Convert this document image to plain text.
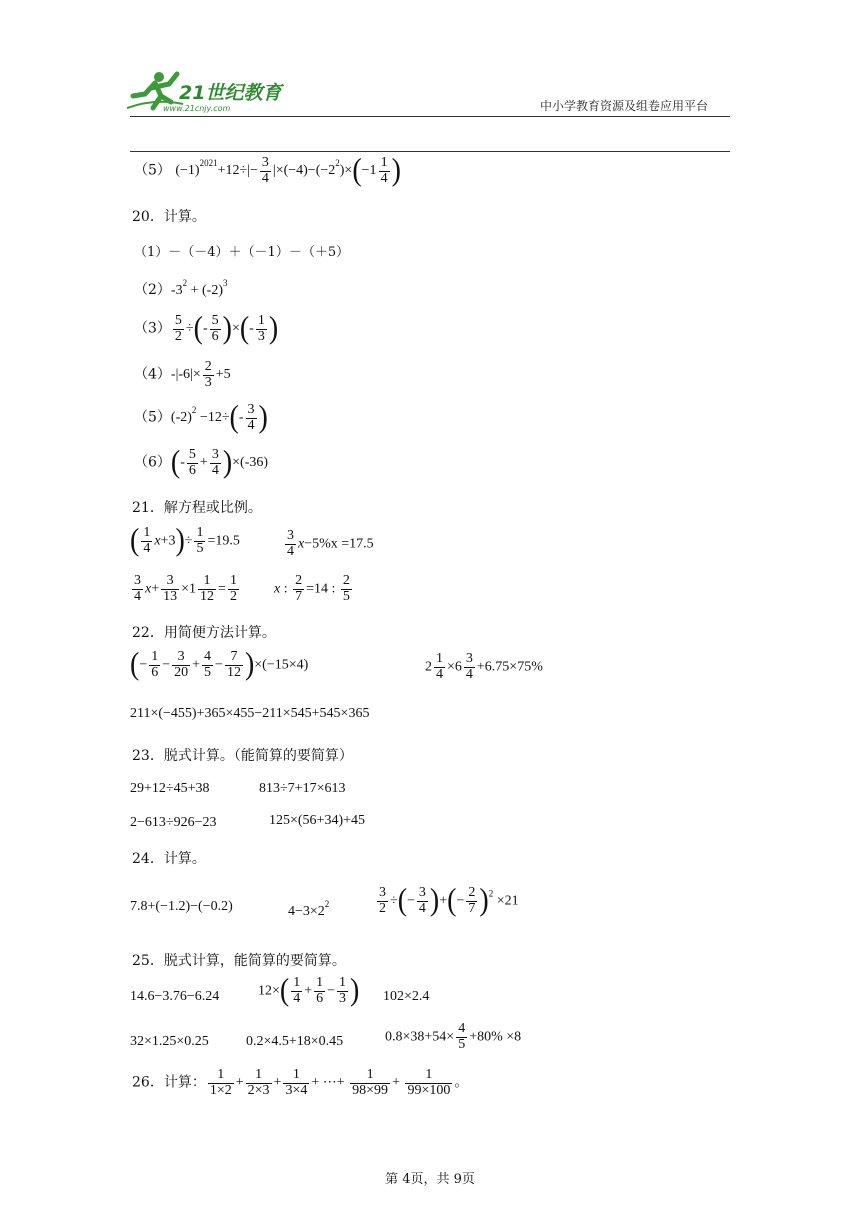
21世纪教育
www.21cnjy.com	中小学教育资源及组卷应用平台
（5） $(-1)^{2021}+12\div|- \frac{3}{4} |\times(-4)-(-2^2)\times(-1 \frac{1}{4}$ )
20．计算。
（1）－（－4）＋（－1）－（＋5）
$(2)-3^2 + (-2)^3$
$(3) \frac{5}{2}$ ÷(- $\frac{5}{6}$ )×(- $\frac{1}{3}$ )
$(4)-|-6|\times \frac{2}{3} +5$
$(5)(-2)^2 -12\div(- \frac{3}{4}$ )
$(6)(- \frac{5}{6} + \frac{3}{4} )\times(-36)$
21．解方程或比例。
( $\frac{1}{4} x+3)\div \frac{1}{5} =19.5$	$\frac{3}{4} x-5\%x =17.5$
$\frac{3}{4} x+ \frac{3}{13} \times 1 \frac{1}{12} = \frac{1}{2}$	x : $\frac{2}{7} =14$ : $\frac{2}{5}$
22．用简便方法计算。
(− $\frac{1}{6} - \frac{3}{20} + \frac{4}{5} - \frac{7}{12} )\times(-15\times 4)$	$2 \frac{1}{4} \times 6 \frac{3}{4} +6.75\times 75\%$
211×(−455)+365×455−211×545+545×365
23．脱式计算。（能简算的要简算）
29+12÷45+38	813÷7+17×613
2−613÷926−23	125×(56+34)+45
24．计算。
7.8+(−1.2)−(−0.2)	$4-3\times 2^2$	$\frac{3}{2}$ ÷(− $\frac{3}{4}$ )+(− $\frac{2}{7} )^2 \times 21$
25．脱式计算，能简算的要简算。
14.6−3.76−6.24	$12\times( \frac{1}{4} + \frac{1}{6} - \frac{1}{3}$ ) 102×2.4
32×1.25×0.25	0.2×4.5+18×0.45	$0.8\times 38+54\times \frac{4}{5} +80\% \times 8$
26．计算： $\frac{1}{1\times 2} + \frac{1}{2\times 3} + \frac{1}{3\times 4}$ + ⋯+ $\frac{1}{98\times 99} + \frac{1}{99\times 100}$ 。
第 4页，共 9页
